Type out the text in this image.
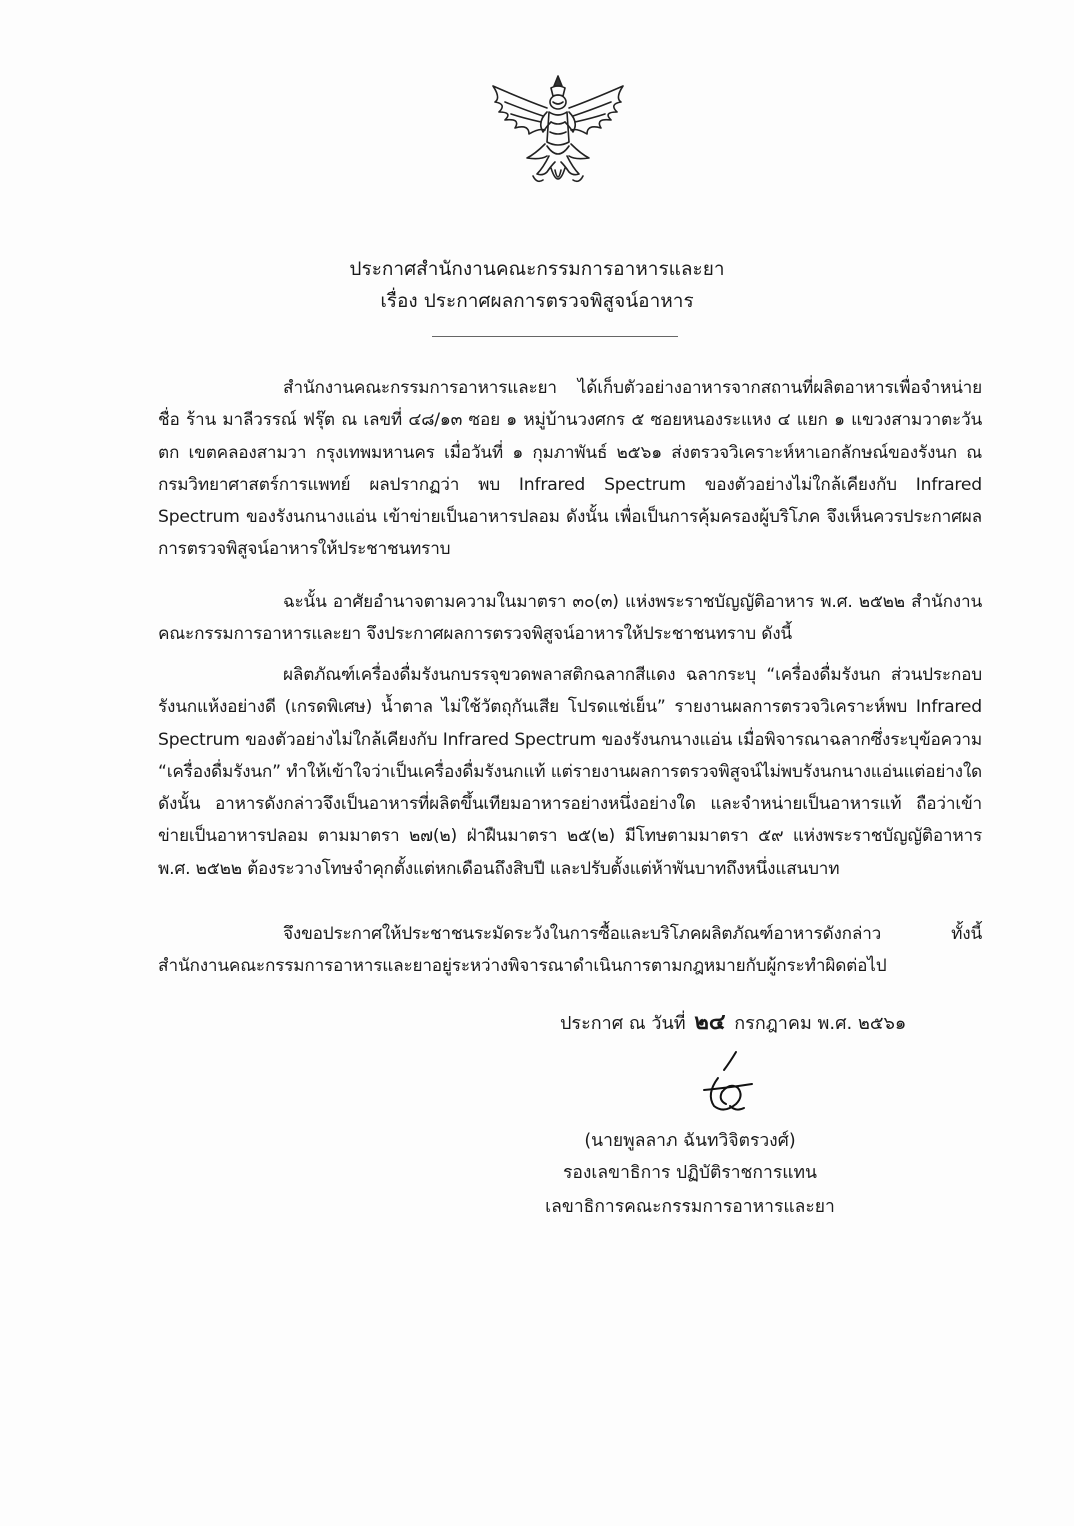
ประกาศสำนักงานคณะกรรมการอาหารและยา
เรื่อง ประกาศผลการตรวจพิสูจน์อาหาร
สำนักงานคณะกรรมการอาหารและยา ได้เก็บตัวอย่างอาหารจากสถานที่ผลิตอาหารเพื่อจำหน่าย ชื่อ ร้าน มาลีวรรณ์ ฟรุ๊ต ณ เลขที่ ๔๘/๑๓ ซอย ๑ หมู่บ้านวงศกร ๕ ซอยหนองระแหง ๔ แยก ๑ แขวงสามวาตะวันตก เขตคลองสามวา กรุงเทพมหานคร เมื่อวันที่ ๑ กุมภาพันธ์ ๒๕๖๑ ส่งตรวจวิเคราะห์หาเอกลักษณ์ของรังนก ณ กรมวิทยาศาสตร์การแพทย์ ผลปรากฏว่า พบ Infrared Spectrum ของตัวอย่างไม่ใกล้เคียงกับ Infrared Spectrum ของรังนกนางแอ่น เข้าข่ายเป็นอาหารปลอม ดังนั้น เพื่อเป็นการคุ้มครองผู้บริโภค จึงเห็นควรประกาศผลการตรวจพิสูจน์อาหารให้ประชาชนทราบ
ฉะนั้น อาศัยอำนาจตามความในมาตรา ๓๐(๓) แห่งพระราชบัญญัติอาหาร พ.ศ. ๒๕๒๒ สำนักงานคณะกรรมการอาหารและยา จึงประกาศผลการตรวจพิสูจน์อาหารให้ประชาชนทราบ ดังนี้
ผลิตภัณฑ์เครื่องดื่มรังนกบรรจุขวดพลาสติกฉลากสีแดง ฉลากระบุ “เครื่องดื่มรังนก ส่วนประกอบ รังนกแห้งอย่างดี (เกรดพิเศษ) น้ำตาล ไม่ใช้วัตถุกันเสีย โปรดแช่เย็น” รายงานผลการตรวจวิเคราะห์พบ Infrared Spectrum ของตัวอย่างไม่ใกล้เคียงกับ Infrared Spectrum ของรังนกนางแอ่น เมื่อพิจารณาฉลากซึ่งระบุข้อความ “เครื่องดื่มรังนก” ทำให้เข้าใจว่าเป็นเครื่องดื่มรังนกแท้ แต่รายงานผลการตรวจพิสูจน์ไม่พบรังนกนางแอ่นแต่อย่างใด ดังนั้น อาหารดังกล่าวจึงเป็นอาหารที่ผลิตขึ้นเทียมอาหารอย่างหนึ่งอย่างใด และจำหน่ายเป็นอาหารแท้ ถือว่าเข้าข่ายเป็นอาหารปลอม ตามมาตรา ๒๗(๒) ฝ่าฝืนมาตรา ๒๕(๒) มีโทษตามมาตรา ๕๙ แห่งพระราชบัญญัติอาหาร พ.ศ. ๒๕๒๒ ต้องระวางโทษจำคุกตั้งแต่หกเดือนถึงสิบปี และปรับตั้งแต่ห้าพันบาทถึงหนึ่งแสนบาท
จึงขอประกาศให้ประชาชนระมัดระวังในการซื้อและบริโภคผลิตภัณฑ์อาหารดังกล่าว ทั้งนี้ สำนักงานคณะกรรมการอาหารและยาอยู่ระหว่างพิจารณาดำเนินการตามกฎหมายกับผู้กระทำผิดต่อไป
ประกาศ ณ วันที่ ๒๔ กรกฎาคม พ.ศ. ๒๕๖๑
(นายพูลลาภ ฉันทวิจิตรวงศ์)
รองเลขาธิการ ปฏิบัติราชการแทน
เลขาธิการคณะกรรมการอาหารและยา
